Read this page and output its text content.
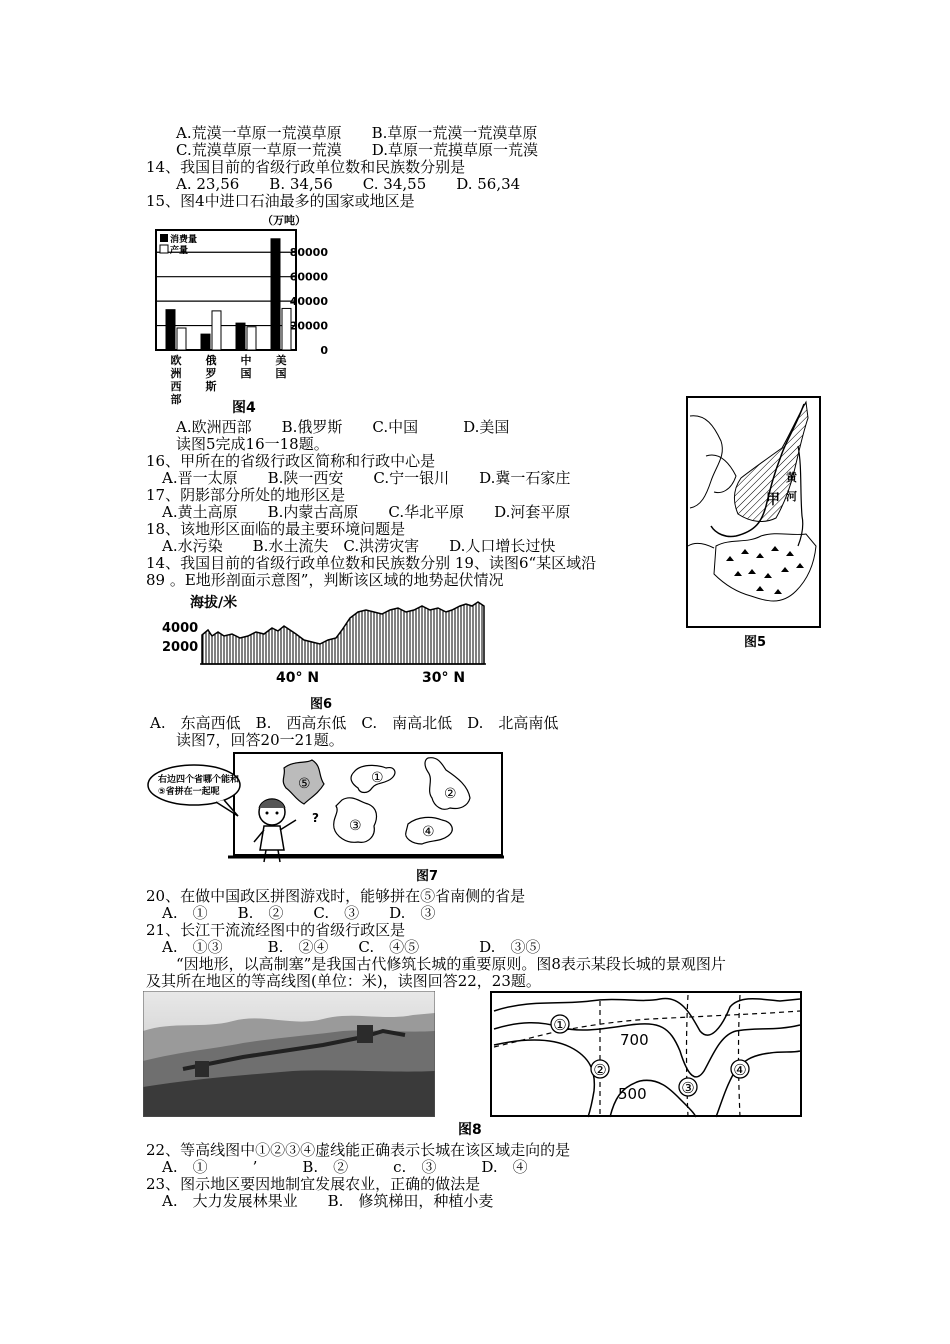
A.荒漠一草原一荒漠草原　　B.草原一荒漠一荒漠草原
C.荒漠草原一草原一荒漠　　D.草原一荒摸草原一荒漠
14、我国目前的省级行政单位数和民族数分别是
A. 23,56　　B. 34,56　　C. 34,55　　D. 56,34
15、图4中进口石油最多的国家或地区是
（万吨）
0
20000
40000
60000
80000
消费量
产量
欧
洲
西
部
俄
罗
斯
中
国
美
国
图4
A.欧洲西部　　B.俄罗斯　　C.中国　　　D.美国
读图5完成16一18题。
16、甲所在的省级行政区简称和行政中心是
A.晋一太原　　B.陕一西安　　C.宁一银川　　D.冀一石家庄
17、阴影部分所处的地形区是
A.黄土高原　　B.内蒙古高原　　C.华北平原　　D.河套平原
18、该地形区面临的最主要环境问题是
A.水污染　　B.水土流失　C.洪涝灾害　　D.人口增长过快
14、我国目前的省级行政单位数和民族数分别 19、读图6“某区域沿
89 。E地形剖面示意图”，判断该区域的地势起伏情况
黄
河
甲
图5
海拔/米
4000
2000
40° N	30° N
图6
A.　东高西低　B.　西高东低　C.　南高北低　D.　北高南低
读图7，回答20一21题。
右边四个省哪个能和
⑤省拼在一起呢	⑤
?
①
②
③	④
图7
20、在做中国政区拼图游戏时，能够拼在⑤省南侧的省是
A.　①　　B.　②　　C.　③　　D.　③
21、长江干流流经图中的省级行政区是
A.　①③　　　B.　②④　　C.　④⑤　　　　D.　③⑤
　　“因地形，以高制塞”是我国古代修筑长城的重要原则。图8表示某段长城的景观图片
及其所在地区的等高线图(单位：米)，读图回答22，23题。
①
②
③
④
700
500
图8
22、等高线图中①②③④虚线能正确表示长城在该区域走向的是
A.　①　　　’　　　B.　②　　　c.　③　　　D.　④
23、图示地区要因地制宜发展农业，正确的做法是
A.　大力发展林果业　　B.　修筑梯田，种植小麦
